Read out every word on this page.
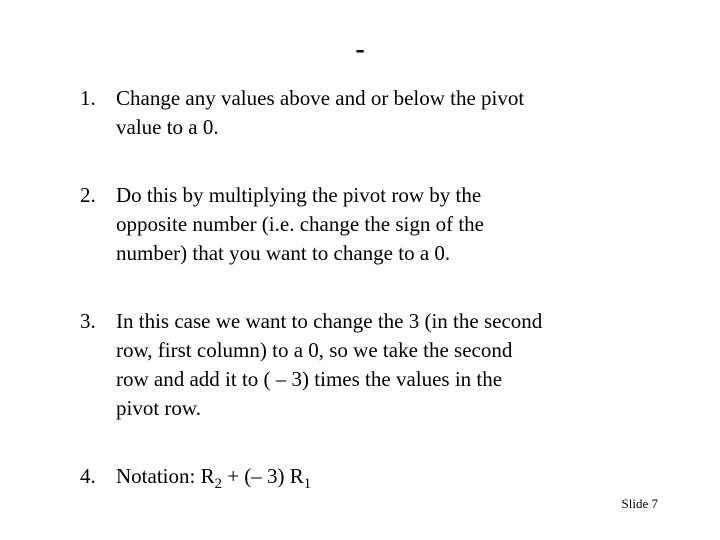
-
1. Change any values above and or below the pivot
value to a 0.
2. Do this by multiplying the pivot row by the
opposite number (i.e. change the sign of the
number) that you want to change to a 0.
3. In this case we want to change the 3 (in the second
row, first column) to a 0, so we take the second
row and add it to ( – 3) times the values in the
pivot row.
4. Notation: $R_2$ + (– 3) $R_1$
Slide 7
